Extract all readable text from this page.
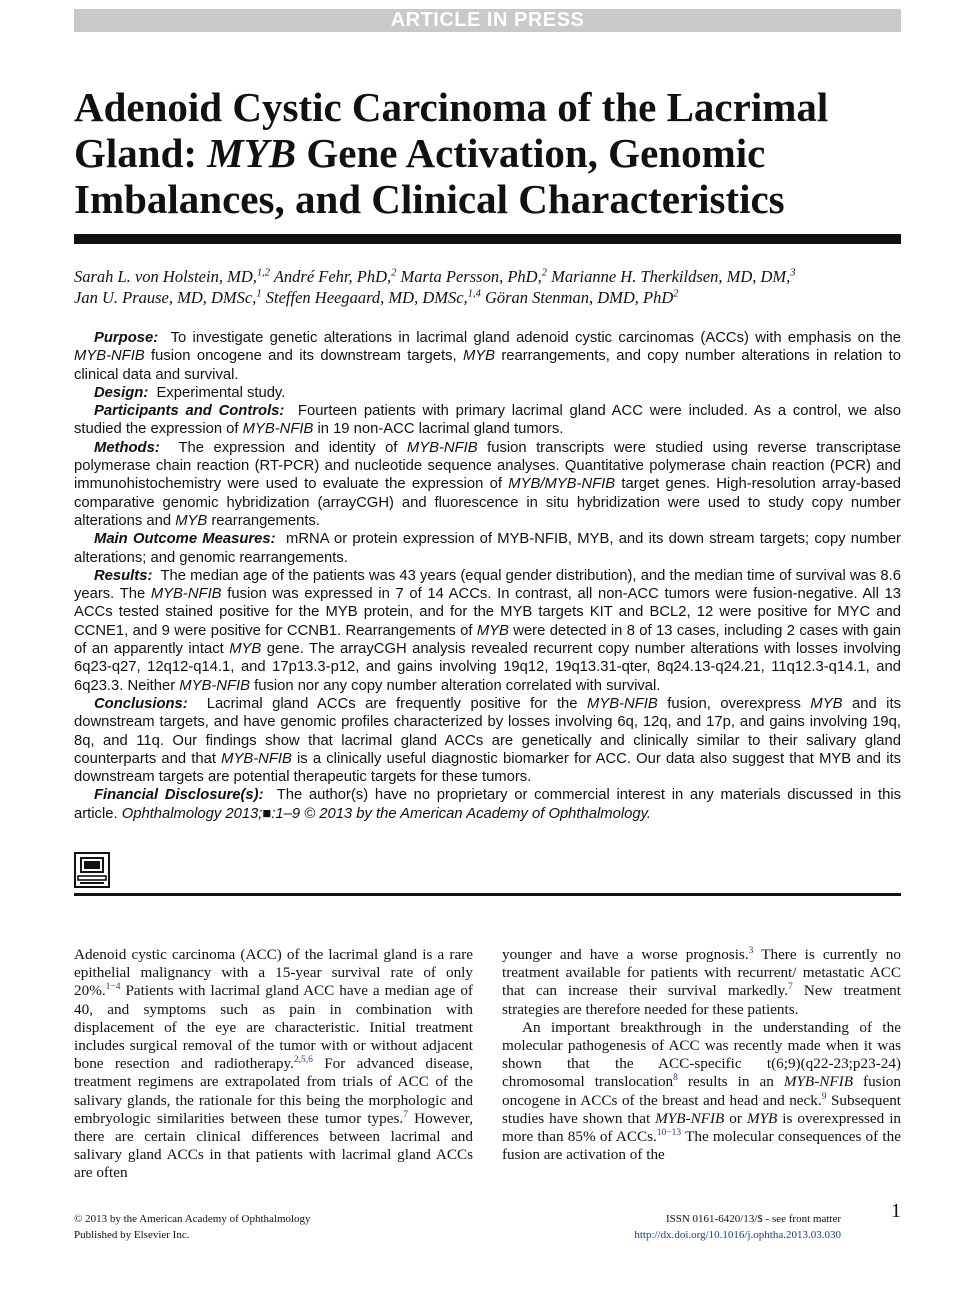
ARTICLE IN PRESS
Adenoid Cystic Carcinoma of the Lacrimal Gland: MYB Gene Activation, Genomic Imbalances, and Clinical Characteristics
Sarah L. von Holstein, MD,$^{1,2}$ André Fehr, PhD,$^2$ Marta Persson, PhD,$^2$ Marianne H. Therkildsen, MD, DM,$^3$
Jan U. Prause, MD, DMSc,$^1$ Steffen Heegaard, MD, DMSc,$^{1,4}$ Göran Stenman, DMD, PhD$^2$

Purpose: To investigate genetic alterations in lacrimal gland adenoid cystic carcinomas (ACCs) with emphasis on the MYB-NFIB fusion oncogene and its downstream targets, MYB rearrangements, and copy number alterations in relation to clinical data and survival.

Design: Experimental study.

Participants and Controls: Fourteen patients with primary lacrimal gland ACC were included. As a control, we also studied the expression of MYB-NFIB in 19 non-ACC lacrimal gland tumors.

Methods: The expression and identity of MYB-NFIB fusion transcripts were studied using reverse transcriptase polymerase chain reaction (RT-PCR) and nucleotide sequence analyses. Quantitative polymerase chain reaction (PCR) and immunohistochemistry were used to evaluate the expression of MYB/MYB-NFIB target genes. High-resolution array-based comparative genomic hybridization (arrayCGH) and fluorescence in situ hybridization were used to study copy number alterations and MYB rearrangements.

Main Outcome Measures: mRNA or protein expression of MYB-NFIB, MYB, and its down stream targets; copy number alterations; and genomic rearrangements.

Results: The median age of the patients was 43 years (equal gender distribution), and the median time of survival was 8.6 years. The MYB-NFIB fusion was expressed in 7 of 14 ACCs. In contrast, all non-ACC tumors were fusion-negative. All 13 ACCs tested stained positive for the MYB protein, and for the MYB targets KIT and BCL2, 12 were positive for MYC and CCNE1, and 9 were positive for CCNB1. Rearrangements of MYB were detected in 8 of 13 cases, including 2 cases with gain of an apparently intact MYB gene. The arrayCGH analysis revealed recurrent copy number alterations with losses involving 6q23-q27, 12q12-q14.1, and 17p13.3-p12, and gains involving 19q12, 19q13.31-qter, 8q24.13-q24.21, 11q12.3-q14.1, and 6q23.3. Neither MYB-NFIB fusion nor any copy number alteration correlated with survival.

Conclusions: Lacrimal gland ACCs are frequently positive for the MYB-NFIB fusion, overexpress MYB and its downstream targets, and have genomic profiles characterized by losses involving 6q, 12q, and 17p, and gains involving 19q, 8q, and 11q. Our findings show that lacrimal gland ACCs are genetically and clinically similar to their salivary gland counterparts and that MYB-NFIB is a clinically useful diagnostic biomarker for ACC. Our data also suggest that MYB and its downstream targets are potential therapeutic targets for these tumors.

Financial Disclosure(s): The author(s) have no proprietary or commercial interest in any materials discussed in this article. Ophthalmology 2013;■:1–9 © 2013 by the American Academy of Ophthalmology.

Adenoid cystic carcinoma (ACC) of the lacrimal gland is a rare epithelial malignancy with a 15-year survival rate of only 20%.$^{1-4}$ Patients with lacrimal gland ACC have a median age of 40, and symptoms such as pain in combination with displacement of the eye are characteristic. Initial treatment includes surgical removal of the tumor with or without adjacent bone resection and radiotherapy.$^{2,5,6}$ For advanced disease, treatment regimens are extrapolated from trials of ACC of the salivary glands, the rationale for this being the morphologic and embryologic similarities between these tumor types.$^7$ However, there are certain clinical differences between lacrimal and salivary gland ACCs in that patients with lacrimal gland ACCs are often

younger and have a worse prognosis.$^3$ There is currently no treatment available for patients with recurrent/ metastatic ACC that can increase their survival markedly.$^7$ New treatment strategies are therefore needed for these patients.

An important breakthrough in the understanding of the molecular pathogenesis of ACC was recently made when it was shown that the ACC-specific t(6;9)(q22-23;p23-24) chromosomal translocation$^8$ results in an MYB-NFIB fusion oncogene in ACCs of the breast and head and neck.$^9$ Subsequent studies have shown that MYB-NFIB or MYB is overexpressed in more than 85% of ACCs.$^{10-13}$ The molecular consequences of the fusion are activation of the

© 2013 by the American Academy of Ophthalmology
Published by Elsevier Inc.
ISSN 0161-6420/13/$ - see front matter
http://dx.doi.org/10.1016/j.ophtha.2013.03.030
1
